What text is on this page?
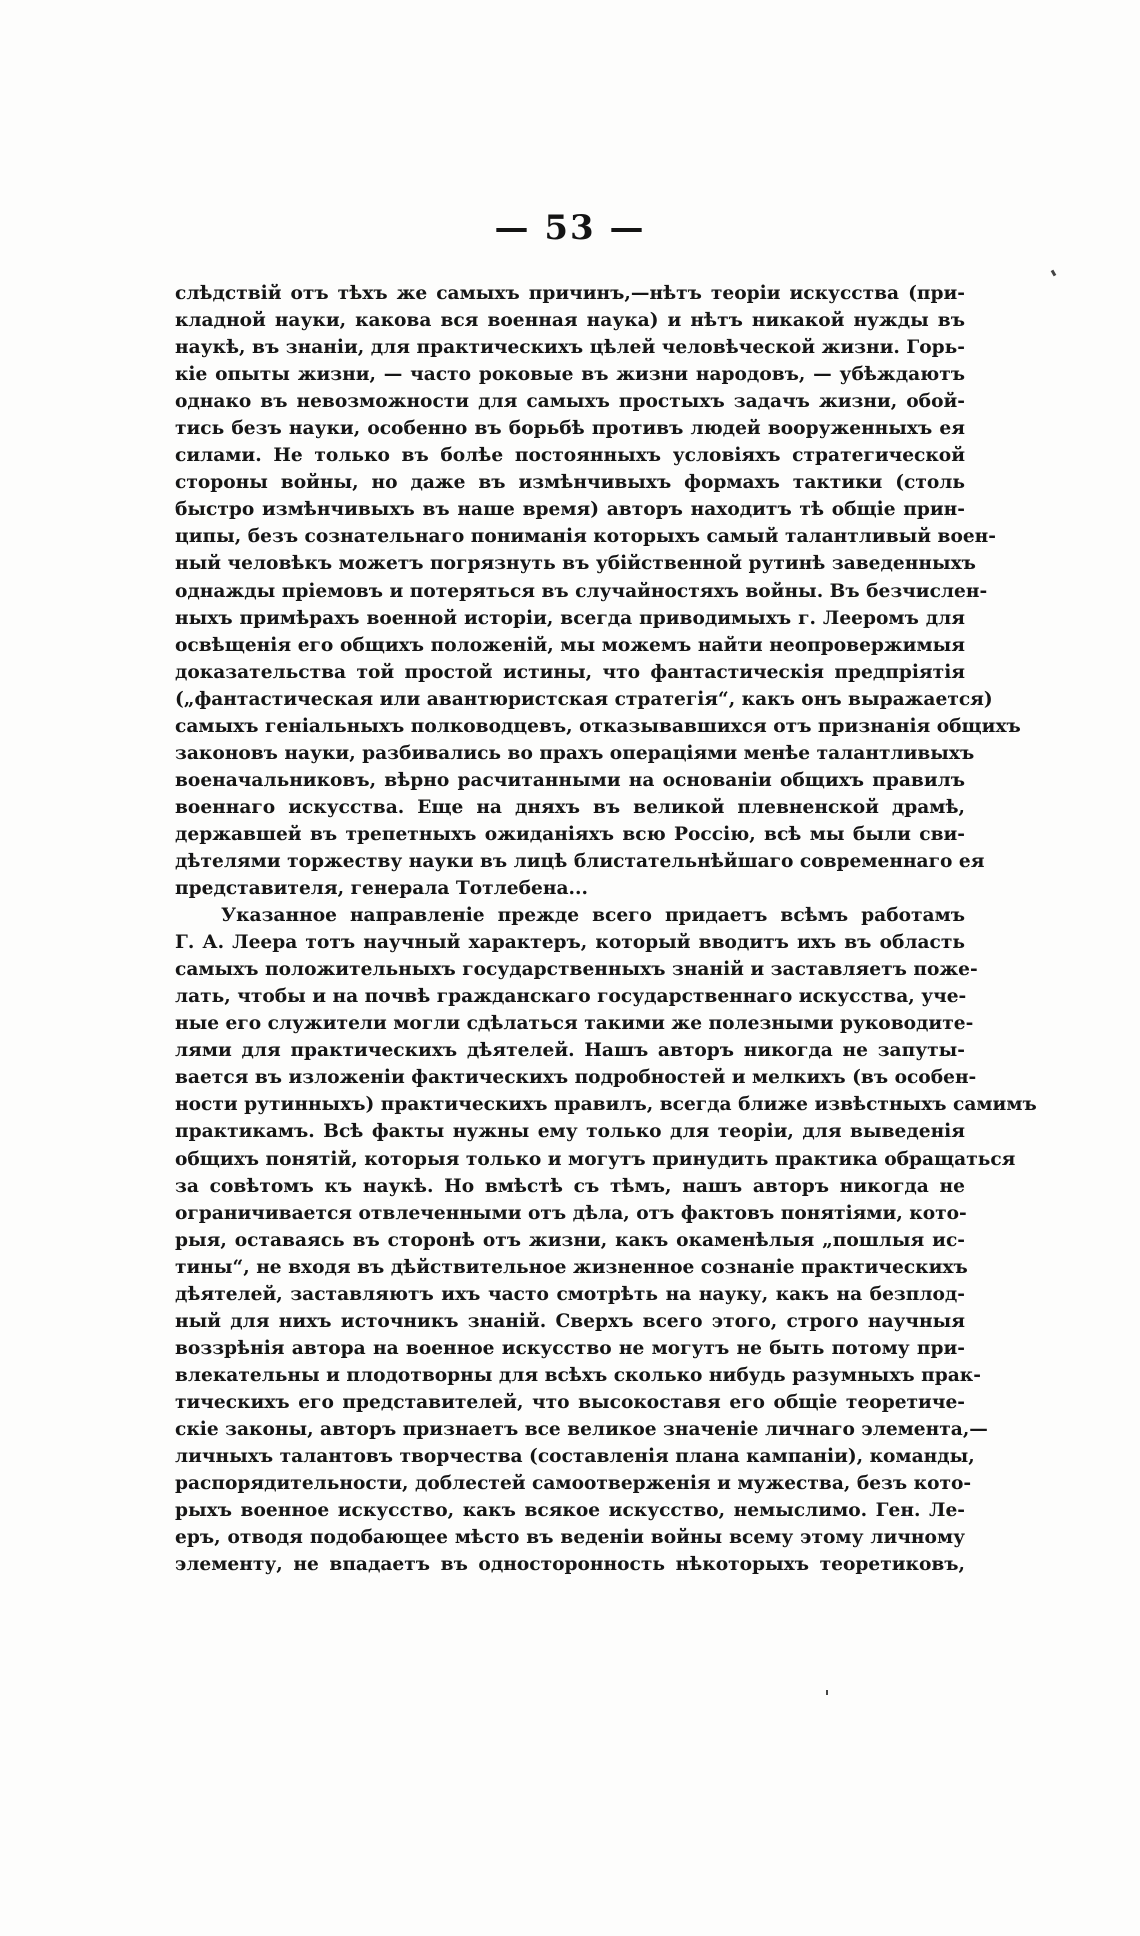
— 53 —
слѣдствій отъ тѣхъ же самыхъ причинъ,—нѣтъ теоріи искусства (при-
кладной науки, какова вся военная наука) и нѣтъ никакой нужды въ
наукѣ, въ знаніи, для практическихъ цѣлей человѣческой жизни. Горь-
кіе опыты жизни, — часто роковые въ жизни народовъ, — убѣждаютъ
однако въ невозможности для самыхъ простыхъ задачъ жизни, обой-
тись безъ науки, особенно въ борьбѣ противъ людей вооруженныхъ ея
силами. Не только въ болѣе постоянныхъ условіяхъ стратегической
стороны войны, но даже въ измѣнчивыхъ формахъ тактики (столь
быстро измѣнчивыхъ въ наше время) авторъ находитъ тѣ общіе прин-
ципы, безъ сознательнаго пониманія которыхъ самый талантливый воен-
ный человѣкъ можетъ погрязнуть въ убійственной рутинѣ заведенныхъ
однажды пріемовъ и потеряться въ случайностяхъ войны. Въ безчислен-
ныхъ примѣрахъ военной исторіи, всегда приводимыхъ г. Лееромъ для
освѣщенія его общихъ положеній, мы можемъ найти неопровержимыя
доказательства той простой истины, что фантастическія предпріятія
(„фантастическая или авантюристская стратегія“, какъ онъ выражается)
самыхъ геніальныхъ полководцевъ, отказывавшихся отъ признанія общихъ
законовъ науки, разбивались во прахъ операціями менѣе талантливыхъ
военачальниковъ, вѣрно расчитанными на основаніи общихъ правилъ
военнаго искусства. Еще на дняхъ въ великой плевненской драмѣ,
державшей въ трепетныхъ ожиданіяхъ всю Россію, всѣ мы были сви-
дѣтелями торжеству науки въ лицѣ блистательнѣйшаго современнаго ея
представителя, генерала Тотлебена...
Указанное направленіе прежде всего придаетъ всѣмъ работамъ
Г. А. Леера тотъ научный характеръ, который вводитъ ихъ въ область
самыхъ положительныхъ государственныхъ знаній и заставляетъ поже-
лать, чтобы и на почвѣ гражданскаго государственнаго искусства, уче-
ные его служители могли сдѣлаться такими же полезными руководите-
лями для практическихъ дѣятелей. Нашъ авторъ никогда не запуты-
вается въ изложеніи фактическихъ подробностей и мелкихъ (въ особен-
ности рутинныхъ) практическихъ правилъ, всегда ближе извѣстныхъ самимъ
практикамъ. Всѣ факты нужны ему только для теоріи, для выведенія
общихъ понятій, которыя только и могутъ принудить практика обращаться
за совѣтомъ къ наукѣ. Но вмѣстѣ съ тѣмъ, нашъ авторъ никогда не
ограничивается отвлеченными отъ дѣла, отъ фактовъ понятіями, кото-
рыя, оставаясь въ сторонѣ отъ жизни, какъ окаменѣлыя „пошлыя ис-
тины“, не входя въ дѣйствительное жизненное сознаніе практическихъ
дѣятелей, заставляютъ ихъ часто смотрѣть на науку, какъ на безплод-
ный для нихъ источникъ знаній. Сверхъ всего этого, строго научныя
воззрѣнія автора на военное искусство не могутъ не быть потому при-
влекательны и плодотворны для всѣхъ сколько нибудь разумныхъ прак-
тическихъ его представителей, что высокоставя его общіе теоретиче-
скіе законы, авторъ признаетъ все великое значеніе личнаго элемента,—
личныхъ талантовъ творчества (составленія плана кампаніи), команды,
распорядительности, доблестей самоотверженія и мужества, безъ кото-
рыхъ военное искусство, какъ всякое искусство, немыслимо. Ген. Ле-
еръ, отводя подобающее мѣсто въ веденіи войны всему этому личному
элементу, не впадаетъ въ односторонность нѣкоторыхъ теоретиковъ,
